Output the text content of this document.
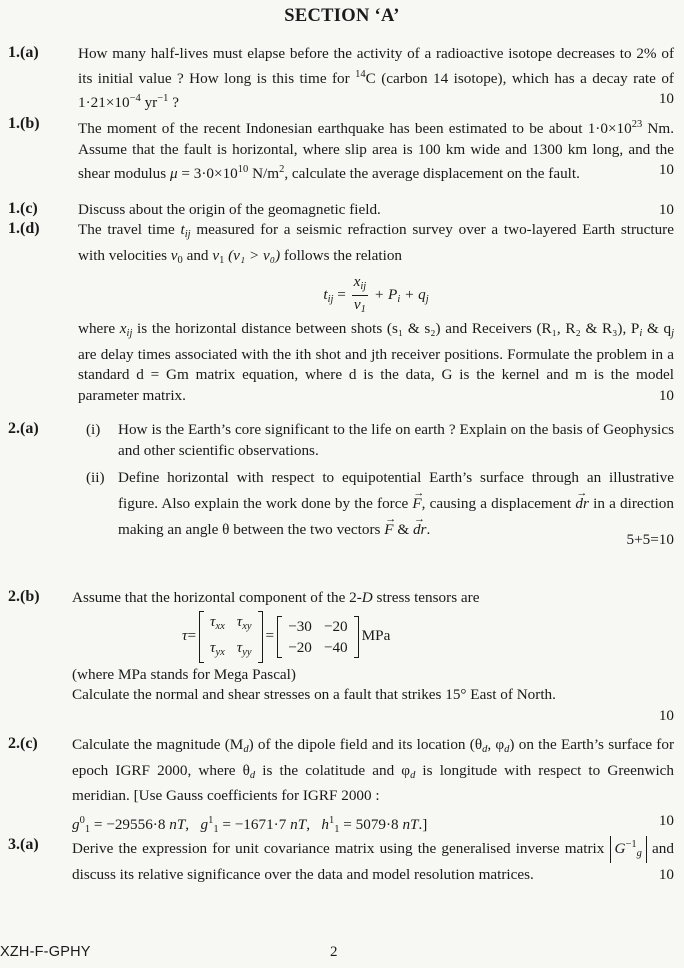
SECTION ‘A’
1.(a)	How many half-lives must elapse before the activity of a radioactive isotope decreases to 2% of its initial value ? How long is this time for $^{14}$C (carbon 14 isotope), which has a decay rate of $1\cdot 21\times 10^{-4}$ $yr^{-1}$ ?	10
1.(b)	The moment of the recent Indonesian earthquake has been estimated to be about $1\cdot 0\times 10^{23}$ Nm. Assume that the fault is horizontal, where slip area is 100 km wide and 1300 km long, and the shear modulus $\mu = 3\cdot 0\times 10^{10}$ $N/m^2$, calculate the average displacement on the fault.	10
1.(c)	Discuss about the origin of the geomagnetic field.	10
1.(d)	The travel time $t_{ij}$ measured for a seismic refraction survey over a two-layered Earth structure with velocities $v_0$ and $v_1$ (v₁ > v₀) follows the relation

$t_{ij} = \frac{x_{ij}}{v_1} + P_i + q_j$

where $x_{ij}$ is the horizontal distance between shots (s₁ & s₂) and Receivers (R₁, R₂ & R₃), $P_i$ & $q_j$ are delay times associated with the ith shot and jth receiver positions. Formulate the problem in a standard d = Gm matrix equation, where d is the data, G is the kernel and m is the model parameter matrix.	10

2.(a)	(i) How is the Earth’s core significant to the life on earth ? Explain on the basis of Geophysics and other scientific observations.
(ii) Define horizontal with respect to equipotential Earth’s surface through an illustrative figure. Also explain the work done by the force → F, causing a displacement → dr in a direction making an angle θ between the two vectors → F & → dr.
5+5=10
2.(b) Assume that the horizontal component of the 2-D stress tensors are

τ =
$\tau_{xx}$	$\tau_{xy}$
$\tau_{yx}$	$\tau_{yy}$

=
−30	−20
−20	−40

MPa

(where MPa stands for Mega Pascal)

Calculate the normal and shear stresses on a fault that strikes 15° East of North.

10
2.(c) Calculate the magnitude $(M_d)$ of the dipole field and its location ($\theta_d$, $\varphi_d$) on the Earth’s surface for epoch IGRF 2000, where $\theta_d$ is the colatitude and $\varphi_d$ is longitude with respect to Greenwich meridian. [Use Gauss coefficients for IGRF 2000 :

$g^0_1 = -29556\cdot 8$ nT,   $g^1_1 = -1671\cdot 7$ nT,   $h^1_1 = 5079\cdot 8$ nT.]	10

3.(a) Derive the expression for unit covariance matrix using the generalised inverse matrix $G^{-1}_g$ and discuss its relative significance over the data and model resolution matrices.	10
XZH-F-GPHY	2
